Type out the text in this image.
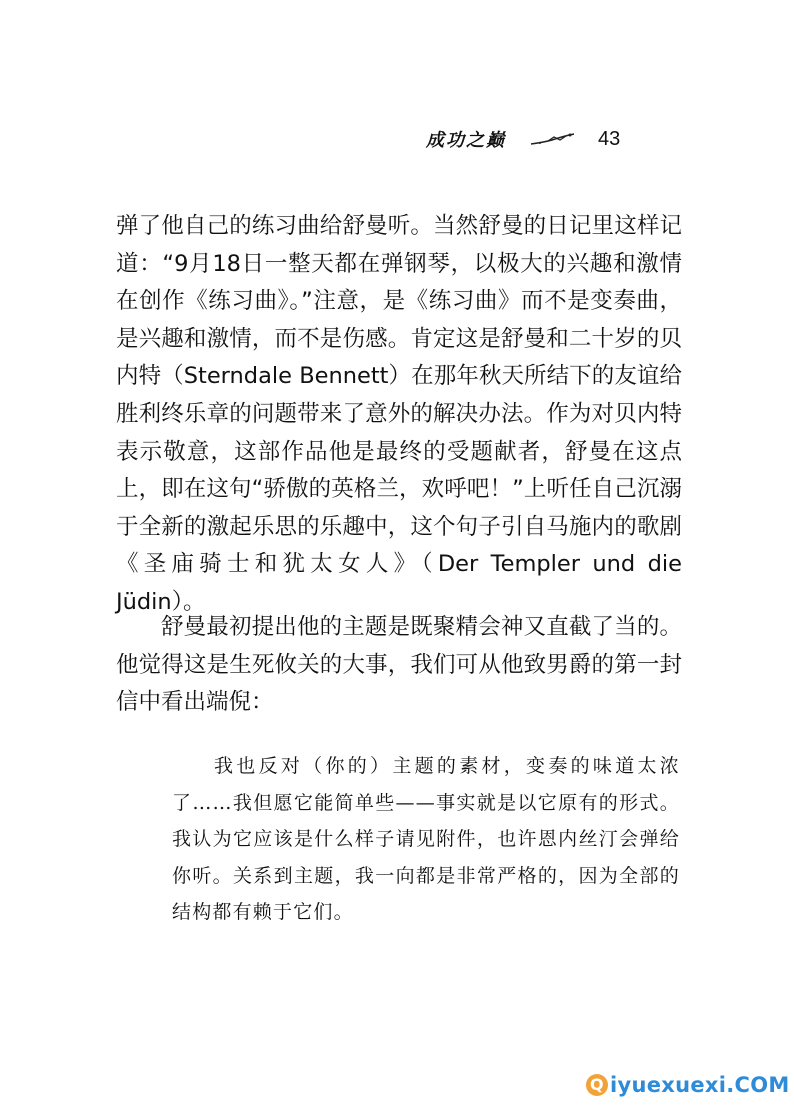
成功之巅	43

弹了他自己的练习曲给舒曼听。当然舒曼的日记里这样记道：“9月18日一整天都在弹钢琴，以极大的兴趣和激情在创作《练习曲》。”注意，是《练习曲》而不是变奏曲，是兴趣和激情，而不是伤感。肯定这是舒曼和二十岁的贝内特（Sterndale Bennett）在那年秋天所结下的友谊给胜利终乐章的问题带来了意外的解决办法。作为对贝内特表示敬意，这部作品他是最终的受题献者，舒曼在这点上，即在这句“骄傲的英格兰，欢呼吧！”上听任自己沉溺于全新的激起乐思的乐趣中，这个句子引自马施内的歌剧《圣庙骑士和犹太女人》（Der Templer und die Jüdin）。

舒曼最初提出他的主题是既聚精会神又直截了当的。他觉得这是生死攸关的大事，我们可从他致男爵的第一封信中看出端倪：

我也反对（你的）主题的素材，变奏的味道太浓了……我但愿它能简单些——事实就是以它原有的形式。我认为它应该是什么样子请见附件，也许恩内丝汀会弹给你听。关系到主题，我一向都是非常严格的，因为全部的结构都有赖于它们。

Q iyuexuexi.COM
